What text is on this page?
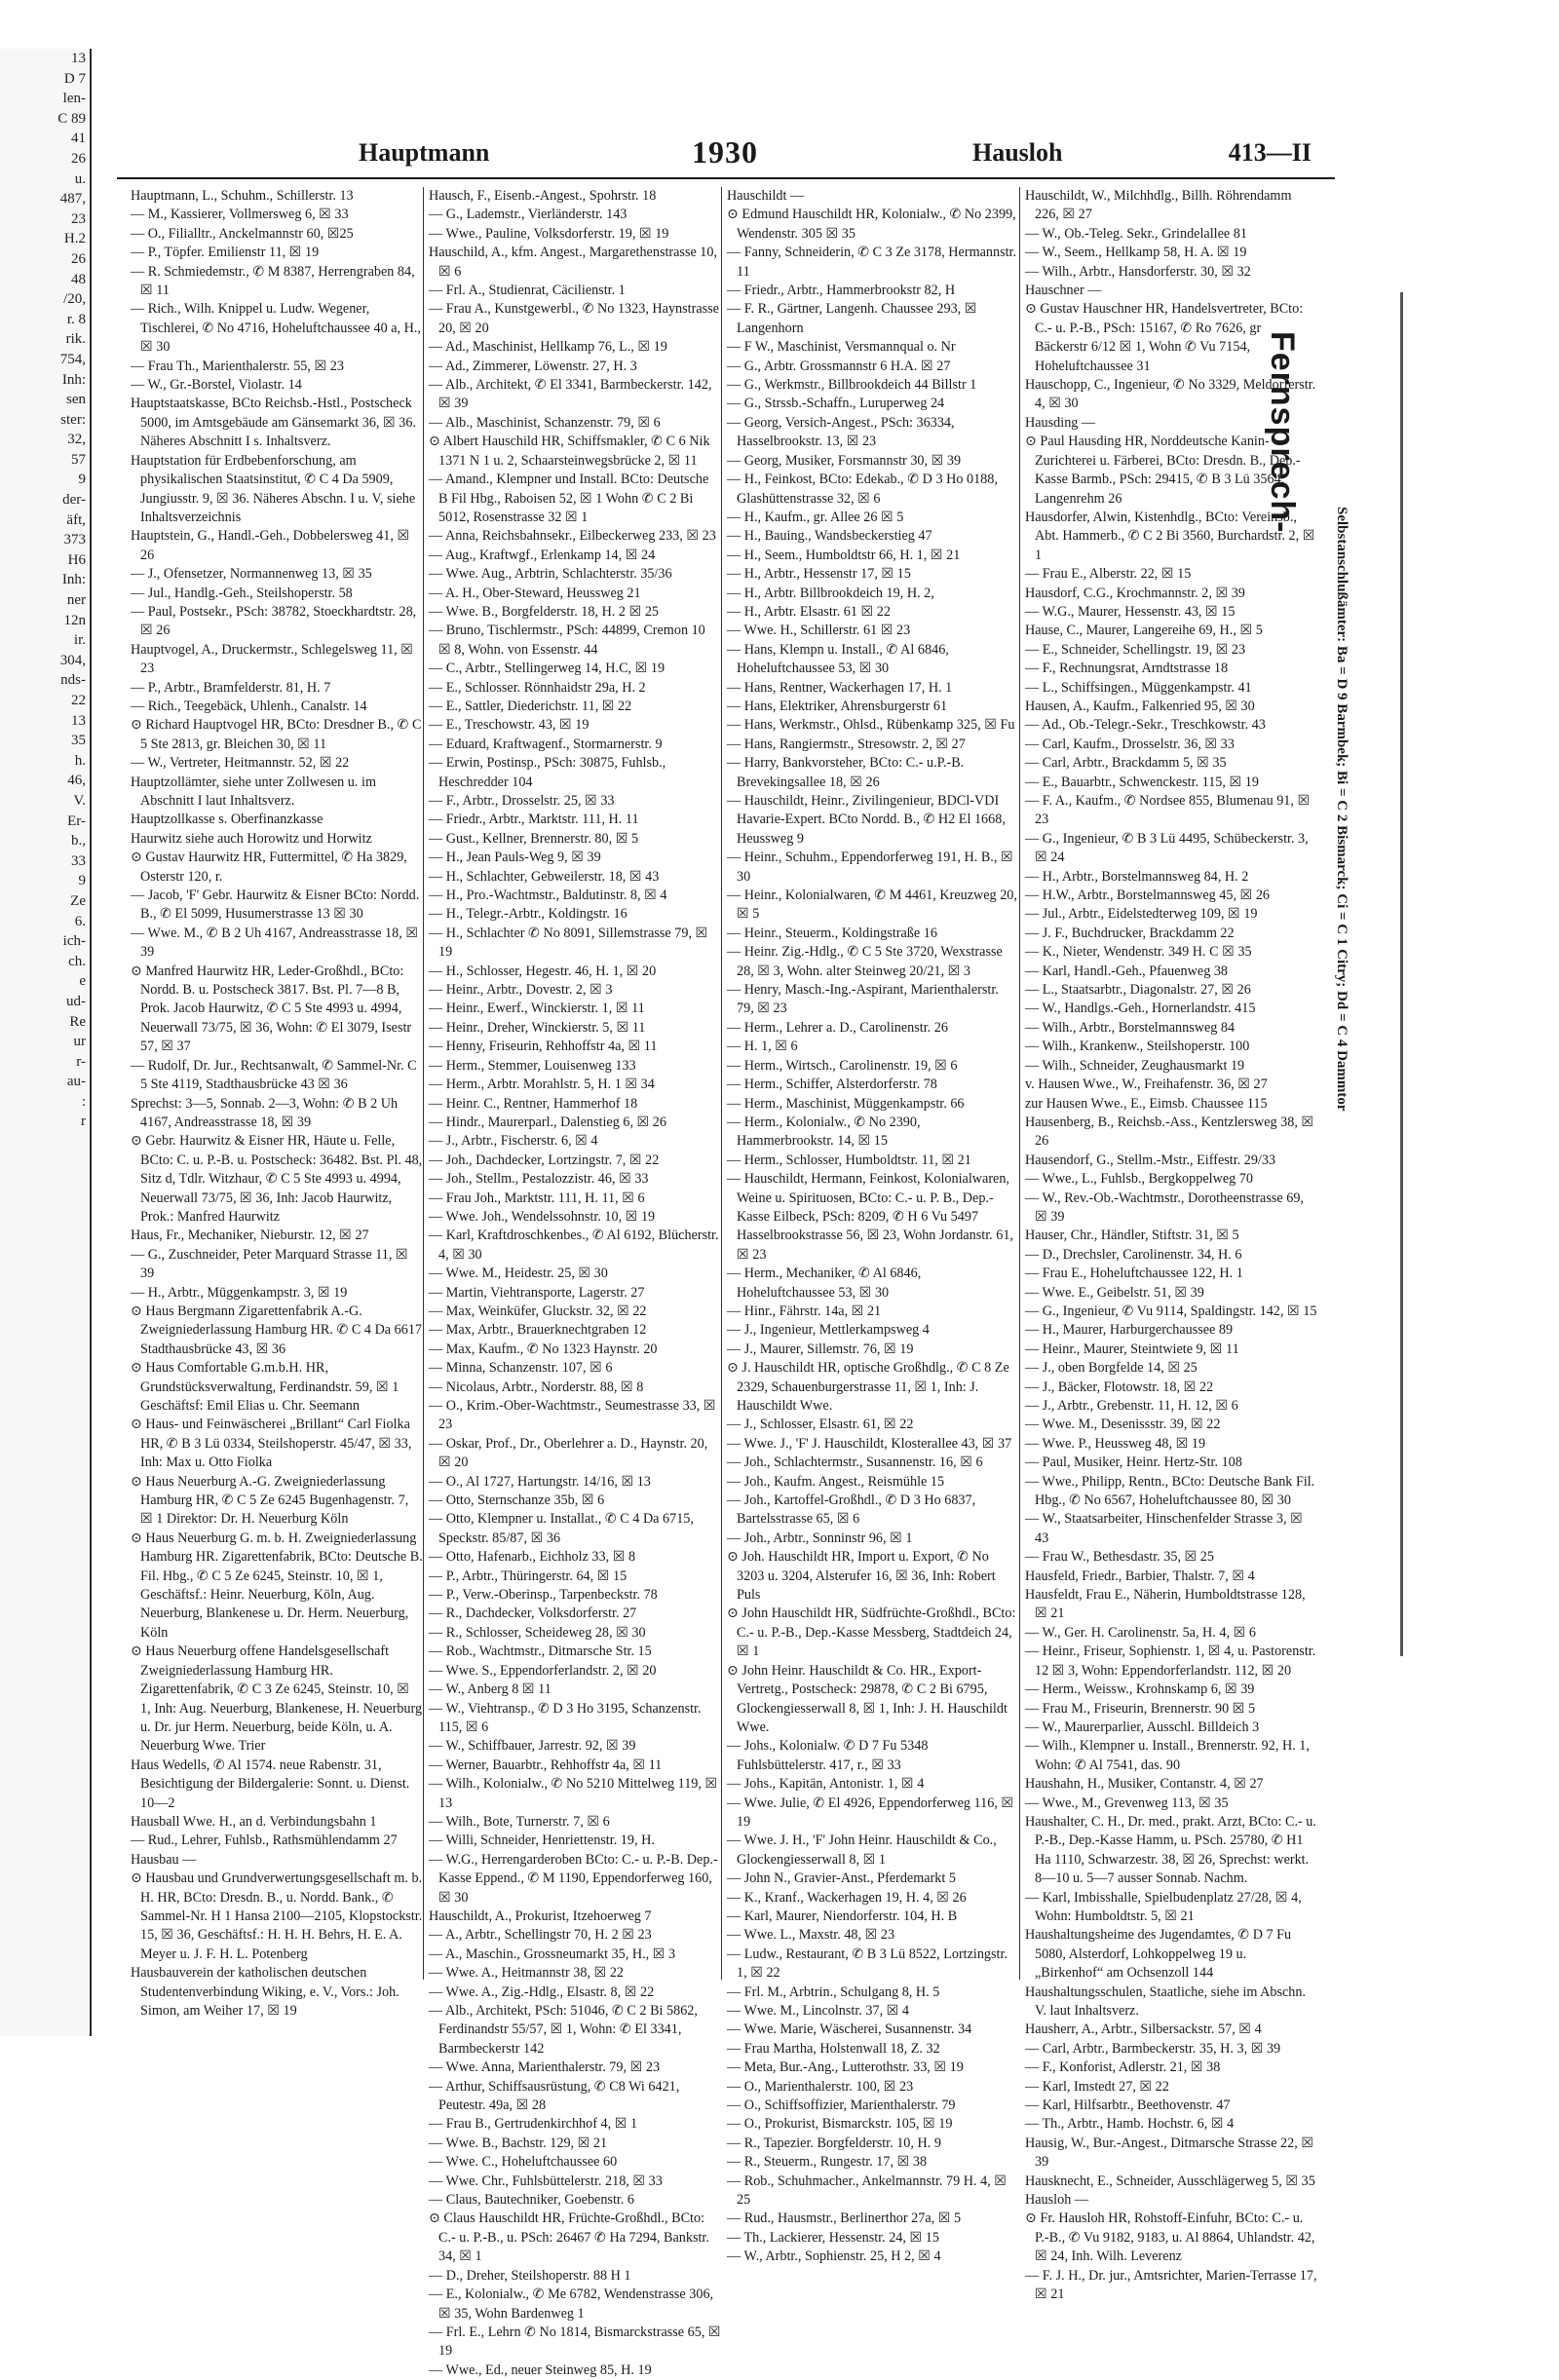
13
D 7
len-
C 89
41
26
u.
487,
23
H.2
26
48
/20,
r. 8
rik.
754,
Inh:
sen
ster:
32,
57
9
der-
äft,
373
H6
Inh:
ner
12n
ir.
304,
nds-
22
13
35
h.
46,
V.
Er-
b.,
33
9
Ze
6.
ich-
ch.
e
ud-
Re
ur
r-
au-
:
r
Hauptmann	1930	Hausloh	413—II

Hauptmann, L., Schuhm., Schillerstr. 13

— M., Kassierer, Vollmersweg 6, ☒ 33

— O., Filialltr., Anckelmannstr 60, ☒25

— P., Töpfer. Emilienstr 11, ☒ 19

— R. Schmiedemstr., ✆ M 8387, Herrengraben 84, ☒ 11

— Rich., Wilh. Knippel u. Ludw. Wegener, Tischlerei, ✆ No 4716, Hoheluftchaussee 40 a, H., ☒ 30

— Frau Th., Marienthalerstr. 55, ☒ 23

— W., Gr.-Borstel, Violastr. 14

Hauptstaatskasse, BCto Reichsb.-Hstl., Postscheck 5000, im Amtsgebäude am Gänsemarkt 36, ☒ 36. Näheres Abschnitt I s. Inhaltsverz.

Hauptstation für Erdbebenforschung, am physikalischen Staatsinstitut, ✆ C 4 Da 5909, Jungiusstr. 9, ☒ 36. Näheres Abschn. I u. V, siehe Inhaltsverzeichnis

Hauptstein, G., Handl.-Geh., Dobbelersweg 41, ☒ 26

— J., Ofensetzer, Normannenweg 13, ☒ 35

— Jul., Handlg.-Geh., Steilshoperstr. 58

— Paul, Postsekr., PSch: 38782, Stoeckhardtstr. 28, ☒ 26

Hauptvogel, A., Druckermstr., Schlegelsweg 11, ☒ 23

— P., Arbtr., Bramfelderstr. 81, H. 7

— Rich., Teegebäck, Uhlenh., Canalstr. 14

⊙ Richard Hauptvogel HR, BCto: Dresdner B., ✆ C 5 Ste 2813, gr. Bleichen 30, ☒ 11

— W., Vertreter, Heitmannstr. 52, ☒ 22

Hauptzollämter, siehe unter Zollwesen u. im Abschnitt I laut Inhaltsverz.

Hauptzollkasse s. Oberfinanzkasse

Haurwitz siehe auch Horowitz und Horwitz

⊙ Gustav Haurwitz HR, Futtermittel, ✆ Ha 3829, Osterstr 120, r.

— Jacob, 'F' Gebr. Haurwitz & Eisner BCto: Nordd. B., ✆ El 5099, Husumerstrasse 13 ☒ 30

— Wwe. M., ✆ B 2 Uh 4167, Andreasstrasse 18, ☒ 39

⊙ Manfred Haurwitz HR, Leder-Großhdl., BCto: Nordd. B. u. Postscheck 3817. Bst. Pl. 7—8 B, Prok. Jacob Haurwitz, ✆ C 5 Ste 4993 u. 4994, Neuerwall 73/75, ☒ 36, Wohn: ✆ El 3079, Isestr 57, ☒ 37

— Rudolf, Dr. Jur., Rechtsanwalt, ✆ Sammel-Nr. C 5 Ste 4119, Stadthausbrücke 43 ☒ 36

Sprechst: 3—5, Sonnab. 2—3, Wohn: ✆ B 2 Uh 4167, Andreasstrasse 18, ☒ 39

⊙ Gebr. Haurwitz & Eisner HR, Häute u. Felle, BCto: C. u. P.-B. u. Postscheck: 36482. Bst. Pl. 48, Sitz d, Tdlr. Witzhaur, ✆ C 5 Ste 4993 u. 4994, Neuerwall 73/75, ☒ 36, Inh: Jacob Haurwitz, Prok.: Manfred Haurwitz

Haus, Fr., Mechaniker, Nieburstr. 12, ☒ 27

— G., Zuschneider, Peter Marquard Strasse 11, ☒ 39

— H., Arbtr., Müggenkampstr. 3, ☒ 19

⊙ Haus Bergmann Zigarettenfabrik A.-G. Zweigniederlassung Hamburg HR. ✆ C 4 Da 6617 Stadthausbrücke 43, ☒ 36

⊙ Haus Comfortable G.m.b.H. HR, Grundstücksverwaltung, Ferdinandstr. 59, ☒ 1 Geschäftsf: Emil Elias u. Chr. Seemann

⊙ Haus- und Feinwäscherei „Brillant“ Carl Fiolka HR, ✆ B 3 Lü 0334, Steilshoperstr. 45/47, ☒ 33, Inh: Max u. Otto Fiolka

⊙ Haus Neuerburg A.-G. Zweigniederlassung Hamburg HR, ✆ C 5 Ze 6245 Bugenhagenstr. 7, ☒ 1 Direktor: Dr. H. Neuerburg Köln

⊙ Haus Neuerburg G. m. b. H. Zweigniederlassung Hamburg HR. Zigarettenfabrik, BCto: Deutsche B. Fil. Hbg., ✆ C 5 Ze 6245, Steinstr. 10, ☒ 1, Geschäftsf.: Heinr. Neuerburg, Köln, Aug. Neuerburg, Blankenese u. Dr. Herm. Neuerburg, Köln

⊙ Haus Neuerburg offene Handelsgesellschaft Zweigniederlassung Hamburg HR. Zigarettenfabrik, ✆ C 3 Ze 6245, Steinstr. 10, ☒ 1, Inh: Aug. Neuerburg, Blankenese, H. Neuerburg u. Dr. jur Herm. Neuerburg, beide Köln, u. A. Neuerburg Wwe. Trier

Haus Wedells, ✆ Al 1574. neue Rabenstr. 31, Besichtigung der Bildergalerie: Sonnt. u. Dienst. 10—2

Hausball Wwe. H., an d. Verbindungsbahn 1

— Rud., Lehrer, Fuhlsb., Rathsmühlendamm 27

Hausbau —

⊙ Hausbau und Grundverwertungsgesellschaft m. b. H. HR, BCto: Dresdn. B., u. Nordd. Bank., ✆ Sammel-Nr. H 1 Hansa 2100—2105, Klopstockstr. 15, ☒ 36, Geschäftsf.: H. H. H. Behrs, H. E. A. Meyer u. J. F. H. L. Potenberg

Hausbauverein der katholischen deutschen Studentenverbindung Wiking, e. V., Vors.: Joh. Simon, am Weiher 17, ☒ 19

Hausch, F., Eisenb.-Angest., Spohrstr. 18

— G., Lademstr., Vierländerstr. 143

— Wwe., Pauline, Volksdorferstr. 19, ☒ 19

Hauschild, A., kfm. Angest., Margarethenstrasse 10, ☒ 6

— Frl. A., Studienrat, Cäcilienstr. 1

— Frau A., Kunstgewerbl., ✆ No 1323, Haynstrasse 20, ☒ 20

— Ad., Maschinist, Hellkamp 76, L., ☒ 19

— Ad., Zimmerer, Löwenstr. 27, H. 3

— Alb., Architekt, ✆ El 3341, Barmbeckerstr. 142, ☒ 39

— Alb., Maschinist, Schanzenstr. 79, ☒ 6

⊙ Albert Hauschild HR, Schiffsmakler, ✆ C 6 Nik 1371 N 1 u. 2, Schaarsteinwegsbrücke 2, ☒ 11

— Amand., Klempner und Install. BCto: Deutsche B Fil Hbg., Raboisen 52, ☒ 1 Wohn ✆ C 2 Bi 5012, Rosenstrasse 32 ☒ 1

— Anna, Reichsbahnsekr., Eilbeckerweg 233, ☒ 23

— Aug., Kraftwgf., Erlenkamp 14, ☒ 24

— Wwe. Aug., Arbtrin, Schlachterstr. 35/36

— A. H., Ober-Steward, Heussweg 21

— Wwe. B., Borgfelderstr. 18, H. 2 ☒ 25

— Bruno, Tischlermstr., PSch: 44899, Cremon 10 ☒ 8, Wohn. von Essenstr. 44

— C., Arbtr., Stellingerweg 14, H.C, ☒ 19

— E., Schlosser. Rönnhaidstr 29a, H. 2

— E., Sattler, Diederichstr. 11, ☒ 22

— E., Treschowstr. 43, ☒ 19

— Eduard, Kraftwagenf., Stormarnerstr. 9

— Erwin, Postinsp., PSch: 30875, Fuhlsb., Heschredder 104

— F., Arbtr., Drosselstr. 25, ☒ 33

— Friedr., Arbtr., Marktstr. 111, H. 11

— Gust., Kellner, Brennerstr. 80, ☒ 5

— H., Jean Pauls-Weg 9, ☒ 39

— H., Schlachter, Gebweilerstr. 18, ☒ 43

— H., Pro.-Wachtmstr., Baldutinstr. 8, ☒ 4

— H., Telegr.-Arbtr., Koldingstr. 16

— H., Schlachter ✆ No 8091, Sillemstrasse 79, ☒ 19

— H., Schlosser, Hegestr. 46, H. 1, ☒ 20

— Heinr., Arbtr., Dovestr. 2, ☒ 3

— Heinr., Ewerf., Winckierstr. 1, ☒ 11

— Heinr., Dreher, Winckierstr. 5, ☒ 11

— Henny, Friseurin, Rehhoffstr 4a, ☒ 11

— Herm., Stemmer, Louisenweg 133

— Herm., Arbtr. Morahlstr. 5, H. 1 ☒ 34

— Heinr. C., Rentner, Hammerhof 18

— Hindr., Maurerparl., Dalenstieg 6, ☒ 26

— J., Arbtr., Fischerstr. 6, ☒ 4

— Joh., Dachdecker, Lortzingstr. 7, ☒ 22

— Joh., Stellm., Pestalozzistr. 46, ☒ 33

— Frau Joh., Marktstr. 111, H. 11, ☒ 6

— Wwe. Joh., Wendelssohnstr. 10, ☒ 19

— Karl, Kraftdroschkenbes., ✆ Al 6192, Blücherstr. 4, ☒ 30

— Wwe. M., Heidestr. 25, ☒ 30

— Martin, Viehtransporte, Lagerstr. 27

— Max, Weinküfer, Gluckstr. 32, ☒ 22

— Max, Arbtr., Brauerknechtgraben 12

— Max, Kaufm., ✆ No 1323 Haynstr. 20

— Minna, Schanzenstr. 107, ☒ 6

— Nicolaus, Arbtr., Norderstr. 88, ☒ 8

— O., Krim.-Ober-Wachtmstr., Seumestrasse 33, ☒ 23

— Oskar, Prof., Dr., Oberlehrer a. D., Haynstr. 20, ☒ 20

— O., Al 1727, Hartungstr. 14/16, ☒ 13

— Otto, Sternschanze 35b, ☒ 6

— Otto, Klempner u. Installat., ✆ C 4 Da 6715, Speckstr. 85/87, ☒ 36

— Otto, Hafenarb., Eichholz 33, ☒ 8

— P., Arbtr., Thüringerstr. 64, ☒ 15

— P., Verw.-Oberinsp., Tarpenbeckstr. 78

— R., Dachdecker, Volksdorferstr. 27

— R., Schlosser, Scheideweg 28, ☒ 30

— Rob., Wachtmstr., Ditmarsche Str. 15

— Wwe. S., Eppendorferlandstr. 2, ☒ 20

— W., Anberg 8 ☒ 11

— W., Viehtransp., ✆ D 3 Ho 3195, Schanzenstr. 115, ☒ 6

— W., Schiffbauer, Jarrestr. 92, ☒ 39

— Werner, Bauarbtr., Rehhoffstr 4a, ☒ 11

— Wilh., Kolonialw., ✆ No 5210 Mittelweg 119, ☒ 13

— Wilh., Bote, Turnerstr. 7, ☒ 6

— Willi, Schneider, Henriettenstr. 19, H.

— W.G., Herrengarderoben BCto: C.- u. P.-B. Dep.-Kasse Eppend., ✆ M 1190, Eppendorferweg 160, ☒ 30

Hauschildt, A., Prokurist, Itzehoerweg 7

— A., Arbtr., Schellingstr 70, H. 2 ☒ 23

— A., Maschin., Grossneumarkt 35, H., ☒ 3

— Wwe. A., Heitmannstr 38, ☒ 22

— Wwe. A., Zig.-Hdlg., Elsastr. 8, ☒ 22

— Alb., Architekt, PSch: 51046, ✆ C 2 Bi 5862, Ferdinandstr 55/57, ☒ 1, Wohn: ✆ El 3341, Barmbeckerstr 142

— Wwe. Anna, Marienthalerstr. 79, ☒ 23

— Arthur, Schiffsausrüstung, ✆ C8 Wi 6421, Peutestr. 49a, ☒ 28

— Frau B., Gertrudenkirchhof 4, ☒ 1

— Wwe. B., Bachstr. 129, ☒ 21

— Wwe. C., Hoheluftchaussee 60

— Wwe. Chr., Fuhlsbüttelerstr. 218, ☒ 33

— Claus, Bautechniker, Goebenstr. 6

⊙ Claus Hauschildt HR, Früchte-Großhdl., BCto: C.- u. P.-B., u. PSch: 26467 ✆ Ha 7294, Bankstr. 34, ☒ 1

— D., Dreher, Steilshoperstr. 88 H 1

— E., Kolonialw., ✆ Me 6782, Wendenstrasse 306, ☒ 35, Wohn Bardenweg 1

— Frl. E., Lehrn ✆ No 1814, Bismarckstrasse 65, ☒ 19

— Wwe., Ed., neuer Steinweg 85, H. 19

Hauschildt —

⊙ Edmund Hauschildt HR, Kolonialw., ✆ No 2399, Wendenstr. 305 ☒ 35

— Fanny, Schneiderin, ✆ C 3 Ze 3178, Hermannstr. 11

— Friedr., Arbtr., Hammerbrookstr 82, H

— F. R., Gärtner, Langenh. Chaussee 293, ☒ Langenhorn

— F W., Maschinist, Versmannqual o. Nr

— G., Arbtr. Grossmannstr 6 H.A. ☒ 27

— G., Werkmstr., Billbrookdeich 44 Billstr 1

— G., Strssb.-Schaffn., Luruperweg 24

— Georg, Versich-Angest., PSch: 36334, Hasselbrookstr. 13, ☒ 23

— Georg, Musiker, Forsmannstr 30, ☒ 39

— H., Feinkost, BCto: Edekab., ✆ D 3 Ho 0188, Glashüttenstrasse 32, ☒ 6

— H., Kaufm., gr. Allee 26 ☒ 5

— H., Bauing., Wandsbeckerstieg 47

— H., Seem., Humboldtstr 66, H. 1, ☒ 21

— H., Arbtr., Hessenstr 17, ☒ 15

— H., Arbtr. Billbrookdeich 19, H. 2,

— H., Arbtr. Elsastr. 61 ☒ 22

— Wwe. H., Schillerstr. 61 ☒ 23

— Hans, Klempn u. Install., ✆ Al 6846, Hoheluftchaussee 53, ☒ 30

— Hans, Rentner, Wackerhagen 17, H. 1

— Hans, Elektriker, Ahrensburgerstr 61

— Hans, Werkmstr., Ohlsd., Rübenkamp 325, ☒ Fu

— Hans, Rangiermstr., Stresowstr. 2, ☒ 27

— Harry, Bankvorsteher, BCto: C.- u.P.-B. Brevekingsallee 18, ☒ 26

— Hauschildt, Heinr., Zivilingenieur, BDCl-VDI Havarie-Expert. BCto Nordd. B., ✆ H2 El 1668, Heussweg 9

— Heinr., Schuhm., Eppendorferweg 191, H. B., ☒ 30

— Heinr., Kolonialwaren, ✆ M 4461, Kreuzweg 20, ☒ 5

— Heinr., Steuerm., Koldingstraße 16

— Heinr. Zig.-Hdlg., ✆ C 5 Ste 3720, Wexstrasse 28, ☒ 3, Wohn. alter Steinweg 20/21, ☒ 3

— Henry, Masch.-Ing.-Aspirant, Marienthalerstr. 79, ☒ 23

— Herm., Lehrer a. D., Carolinenstr. 26

— H. 1, ☒ 6

— Herm., Wirtsch., Carolinenstr. 19, ☒ 6

— Herm., Schiffer, Alsterdorferstr. 78

— Herm., Maschinist, Müggenkampstr. 66

— Herm., Kolonialw., ✆ No 2390, Hammerbrookstr. 14, ☒ 15

— Herm., Schlosser, Humboldtstr. 11, ☒ 21

— Hauschildt, Hermann, Feinkost, Kolonialwaren, Weine u. Spirituosen, BCto: C.- u. P. B., Dep.-Kasse Eilbeck, PSch: 8209, ✆ H 6 Vu 5497 Hasselbrookstrasse 56, ☒ 23, Wohn Jordanstr. 61, ☒ 23

— Herm., Mechaniker, ✆ Al 6846, Hoheluftchaussee 53, ☒ 30

— Hinr., Fährstr. 14a, ☒ 21

— J., Ingenieur, Mettlerkampsweg 4

— J., Maurer, Sillemstr. 76, ☒ 19

⊙ J. Hauschildt HR, optische Großhdlg., ✆ C 8 Ze 2329, Schauenburgerstrasse 11, ☒ 1, Inh: J. Hauschildt Wwe.

— J., Schlosser, Elsastr. 61, ☒ 22

— Wwe. J., 'F' J. Hauschildt, Klosterallee 43, ☒ 37

— Joh., Schlachtermstr., Susannenstr. 16, ☒ 6

— Joh., Kaufm. Angest., Reismühle 15

— Joh., Kartoffel-Großhdl., ✆ D 3 Ho 6837, Bartelsstrasse 65, ☒ 6

— Joh., Arbtr., Sonninstr 96, ☒ 1

⊙ Joh. Hauschildt HR, Import u. Export, ✆ No 3203 u. 3204, Alsterufer 16, ☒ 36, Inh: Robert Puls

⊙ John Hauschildt HR, Südfrüchte-Großhdl., BCto: C.- u. P.-B., Dep.-Kasse Messberg, Stadtdeich 24, ☒ 1

⊙ John Heinr. Hauschildt & Co. HR., Export-Vertretg., Postscheck: 29878, ✆ C 2 Bi 6795, Glockengiesserwall 8, ☒ 1, Inh: J. H. Hauschildt Wwe.

— Johs., Kolonialw. ✆ D 7 Fu 5348 Fuhlsbüttelerstr. 417, r., ☒ 33

— Johs., Kapitän, Antonistr. 1, ☒ 4

— Wwe. Julie, ✆ El 4926, Eppendorferweg 116, ☒ 19

— Wwe. J. H., 'F' John Heinr. Hauschildt & Co., Glockengiesserwall 8, ☒ 1

— John N., Gravier-Anst., Pferdemarkt 5

— K., Kranf., Wackerhagen 19, H. 4, ☒ 26

— Karl, Maurer, Niendorferstr. 104, H. B

— Wwe. L., Maxstr. 48, ☒ 23

— Ludw., Restaurant, ✆ B 3 Lü 8522, Lortzingstr. 1, ☒ 22

— Frl. M., Arbtrin., Schulgang 8, H. 5

— Wwe. M., Lincolnstr. 37, ☒ 4

— Wwe. Marie, Wäscherei, Susannenstr. 34

— Frau Martha, Holstenwall 18, Z. 32

— Meta, Bur.-Ang., Lutterothstr. 33, ☒ 19

— O., Marienthalerstr. 100, ☒ 23

— O., Schiffsoffizier, Marienthalerstr. 79

— O., Prokurist, Bismarckstr. 105, ☒ 19

— R., Tapezier. Borgfelderstr. 10, H. 9

— R., Steuerm., Rungestr. 17, ☒ 38

— Rob., Schuhmacher., Ankelmannstr. 79 H. 4, ☒ 25

— Rud., Hausmstr., Berlinerthor 27a, ☒ 5

— Th., Lackierer, Hessenstr. 24, ☒ 15

— W., Arbtr., Sophienstr. 25, H 2, ☒ 4

Hauschildt, W., Milchhdlg., Billh. Röhrendamm 226, ☒ 27

— W., Ob.-Teleg. Sekr., Grindelallee 81

— W., Seem., Hellkamp 58, H. A. ☒ 19

— Wilh., Arbtr., Hansdorferstr. 30, ☒ 32

Hauschner —

⊙ Gustav Hauschner HR, Handelsvertreter, BCto: C.- u. P.-B., PSch: 15167, ✆ Ro 7626, gr Bäckerstr 6/12 ☒ 1, Wohn ✆ Vu 7154, Hoheluftchaussee 31

Hauschopp, C., Ingenieur, ✆ No 3329, Meldorferstr. 4, ☒ 30

Hausding —

⊙ Paul Hausding HR, Norddeutsche Kanin-Zurichterei u. Färberei, BCto: Dresdn. B., Dep.-Kasse Barmb., PSch: 29415, ✆ B 3 Lü 3564, Langenrehm 26

Hausdorfer, Alwin, Kistenhdlg., BCto: Vereinsb., Abt. Hammerb., ✆ C 2 Bi 3560, Burchardstr. 2, ☒ 1

— Frau E., Alberstr. 22, ☒ 15

Hausdorf, C.G., Krochmannstr. 2, ☒ 39

— W.G., Maurer, Hessenstr. 43, ☒ 15

Hause, C., Maurer, Langereihe 69, H., ☒ 5

— E., Schneider, Schellingstr. 19, ☒ 23

— F., Rechnungsrat, Arndtstrasse 18

— L., Schiffsingen., Müggenkampstr. 41

Hausen, A., Kaufm., Falkenried 95, ☒ 30

— Ad., Ob.-Telegr.-Sekr., Treschkowstr. 43

— Carl, Kaufm., Drosselstr. 36, ☒ 33

— Carl, Arbtr., Brackdamm 5, ☒ 35

— E., Bauarbtr., Schwenckestr. 115, ☒ 19

— F. A., Kaufm., ✆ Nordsee 855, Blumenau 91, ☒ 23

— G., Ingenieur, ✆ B 3 Lü 4495, Schübeckerstr. 3, ☒ 24

— H., Arbtr., Borstelmannsweg 84, H. 2

— H.W., Arbtr., Borstelmannsweg 45, ☒ 26

— Jul., Arbtr., Eidelstedterweg 109, ☒ 19

— J. F., Buchdrucker, Brackdamm 22

— K., Nieter, Wendenstr. 349 H. C ☒ 35

— Karl, Handl.-Geh., Pfauenweg 38

— L., Staatsarbtr., Diagonalstr. 27, ☒ 26

— W., Handlgs.-Geh., Hornerlandstr. 415

— Wilh., Arbtr., Borstelmannsweg 84

— Wilh., Krankenw., Steilshoperstr. 100

— Wilh., Schneider, Zeughausmarkt 19

v. Hausen Wwe., W., Freihafenstr. 36, ☒ 27

zur Hausen Wwe., E., Eimsb. Chaussee 115

Hausenberg, B., Reichsb.-Ass., Kentzlersweg 38, ☒ 26

Hausendorf, G., Stellm.-Mstr., Eiffestr. 29/33

— Wwe., L., Fuhlsb., Bergkoppelweg 70

— W., Rev.-Ob.-Wachtmstr., Dorotheenstrasse 69, ☒ 39

Hauser, Chr., Händler, Stiftstr. 31, ☒ 5

— D., Drechsler, Carolinenstr. 34, H. 6

— Frau E., Hoheluftchaussee 122, H. 1

— Wwe. E., Geibelstr. 51, ☒ 39

— G., Ingenieur, ✆ Vu 9114, Spaldingstr. 142, ☒ 15

— H., Maurer, Harburgerchaussee 89

— Heinr., Maurer, Steintwiete 9, ☒ 11

— J., oben Borgfelde 14, ☒ 25

— J., Bäcker, Flotowstr. 18, ☒ 22

— J., Arbtr., Grebenstr. 11, H. 12, ☒ 6

— Wwe. M., Desenissstr. 39, ☒ 22

— Wwe. P., Heussweg 48, ☒ 19

— Paul, Musiker, Heinr. Hertz-Str. 108

— Wwe., Philipp, Rentn., BCto: Deutsche Bank Fil. Hbg., ✆ No 6567, Hoheluftchaussee 80, ☒ 30

— W., Staatsarbeiter, Hinschenfelder Strasse 3, ☒ 43

— Frau W., Bethesdastr. 35, ☒ 25

Hausfeld, Friedr., Barbier, Thalstr. 7, ☒ 4

Hausfeldt, Frau E., Näherin, Humboldtstrasse 128, ☒ 21

— W., Ger. H. Carolinenstr. 5a, H. 4, ☒ 6

— Heinr., Friseur, Sophienstr. 1, ☒ 4, u. Pastorenstr. 12 ☒ 3, Wohn: Eppendorferlandstr. 112, ☒ 20

— Herm., Weissw., Krohnskamp 6, ☒ 39

— Frau M., Friseurin, Brennerstr. 90 ☒ 5

— W., Maurerparlier, Ausschl. Billdeich 3

— Wilh., Klempner u. Install., Brennerstr. 92, H. 1, Wohn: ✆ Al 7541, das. 90

Haushahn, H., Musiker, Contanstr. 4, ☒ 27

— Wwe., M., Grevenweg 113, ☒ 35

Haushalter, C. H., Dr. med., prakt. Arzt, BCto: C.- u. P.-B., Dep.-Kasse Hamm, u. PSch. 25780, ✆ H1 Ha 1110, Schwarzestr. 38, ☒ 26, Sprechst: werkt. 8—10 u. 5—7 ausser Sonnab. Nachm.

— Karl, Imbisshalle, Spielbudenplatz 27/28, ☒ 4, Wohn: Humboldtstr. 5, ☒ 21

Haushaltungsheime des Jugendamtes, ✆ D 7 Fu 5080, Alsterdorf, Lohkoppelweg 19 u. „Birkenhof“ am Ochsenzoll 144

Haushaltungsschulen, Staatliche, siehe im Abschn. V. laut Inhaltsverz.

Hausherr, A., Arbtr., Silbersackstr. 57, ☒ 4

— Carl, Arbtr., Barmbeckerstr. 35, H. 3, ☒ 39

— F., Konforist, Adlerstr. 21, ☒ 38

— Karl, Imstedt 27, ☒ 22

— Karl, Hilfsarbtr., Beethovenstr. 47

— Th., Arbtr., Hamb. Hochstr. 6, ☒ 4

Hausig, W., Bur.-Angest., Ditmarsche Strasse 22, ☒ 39

Hausknecht, E., Schneider, Ausschlägerweg 5, ☒ 35

Hausloh —

⊙ Fr. Hausloh HR, Rohstoff-Einfuhr, BCto: C.- u. P.-B., ✆ Vu 9182, 9183, u. Al 8864, Uhlandstr. 42, ☒ 24, Inh. Wilh. Leverenz

— F. J. H., Dr. jur., Amtsrichter, Marien-Terrasse 17, ☒ 21

Fernsprech-
Selbstanschlußämter: Ba = D 9 Barmbek; Bi = C 2 Bismarck; Ci = C 1 Citry; Dd = C 4 Dammtor
